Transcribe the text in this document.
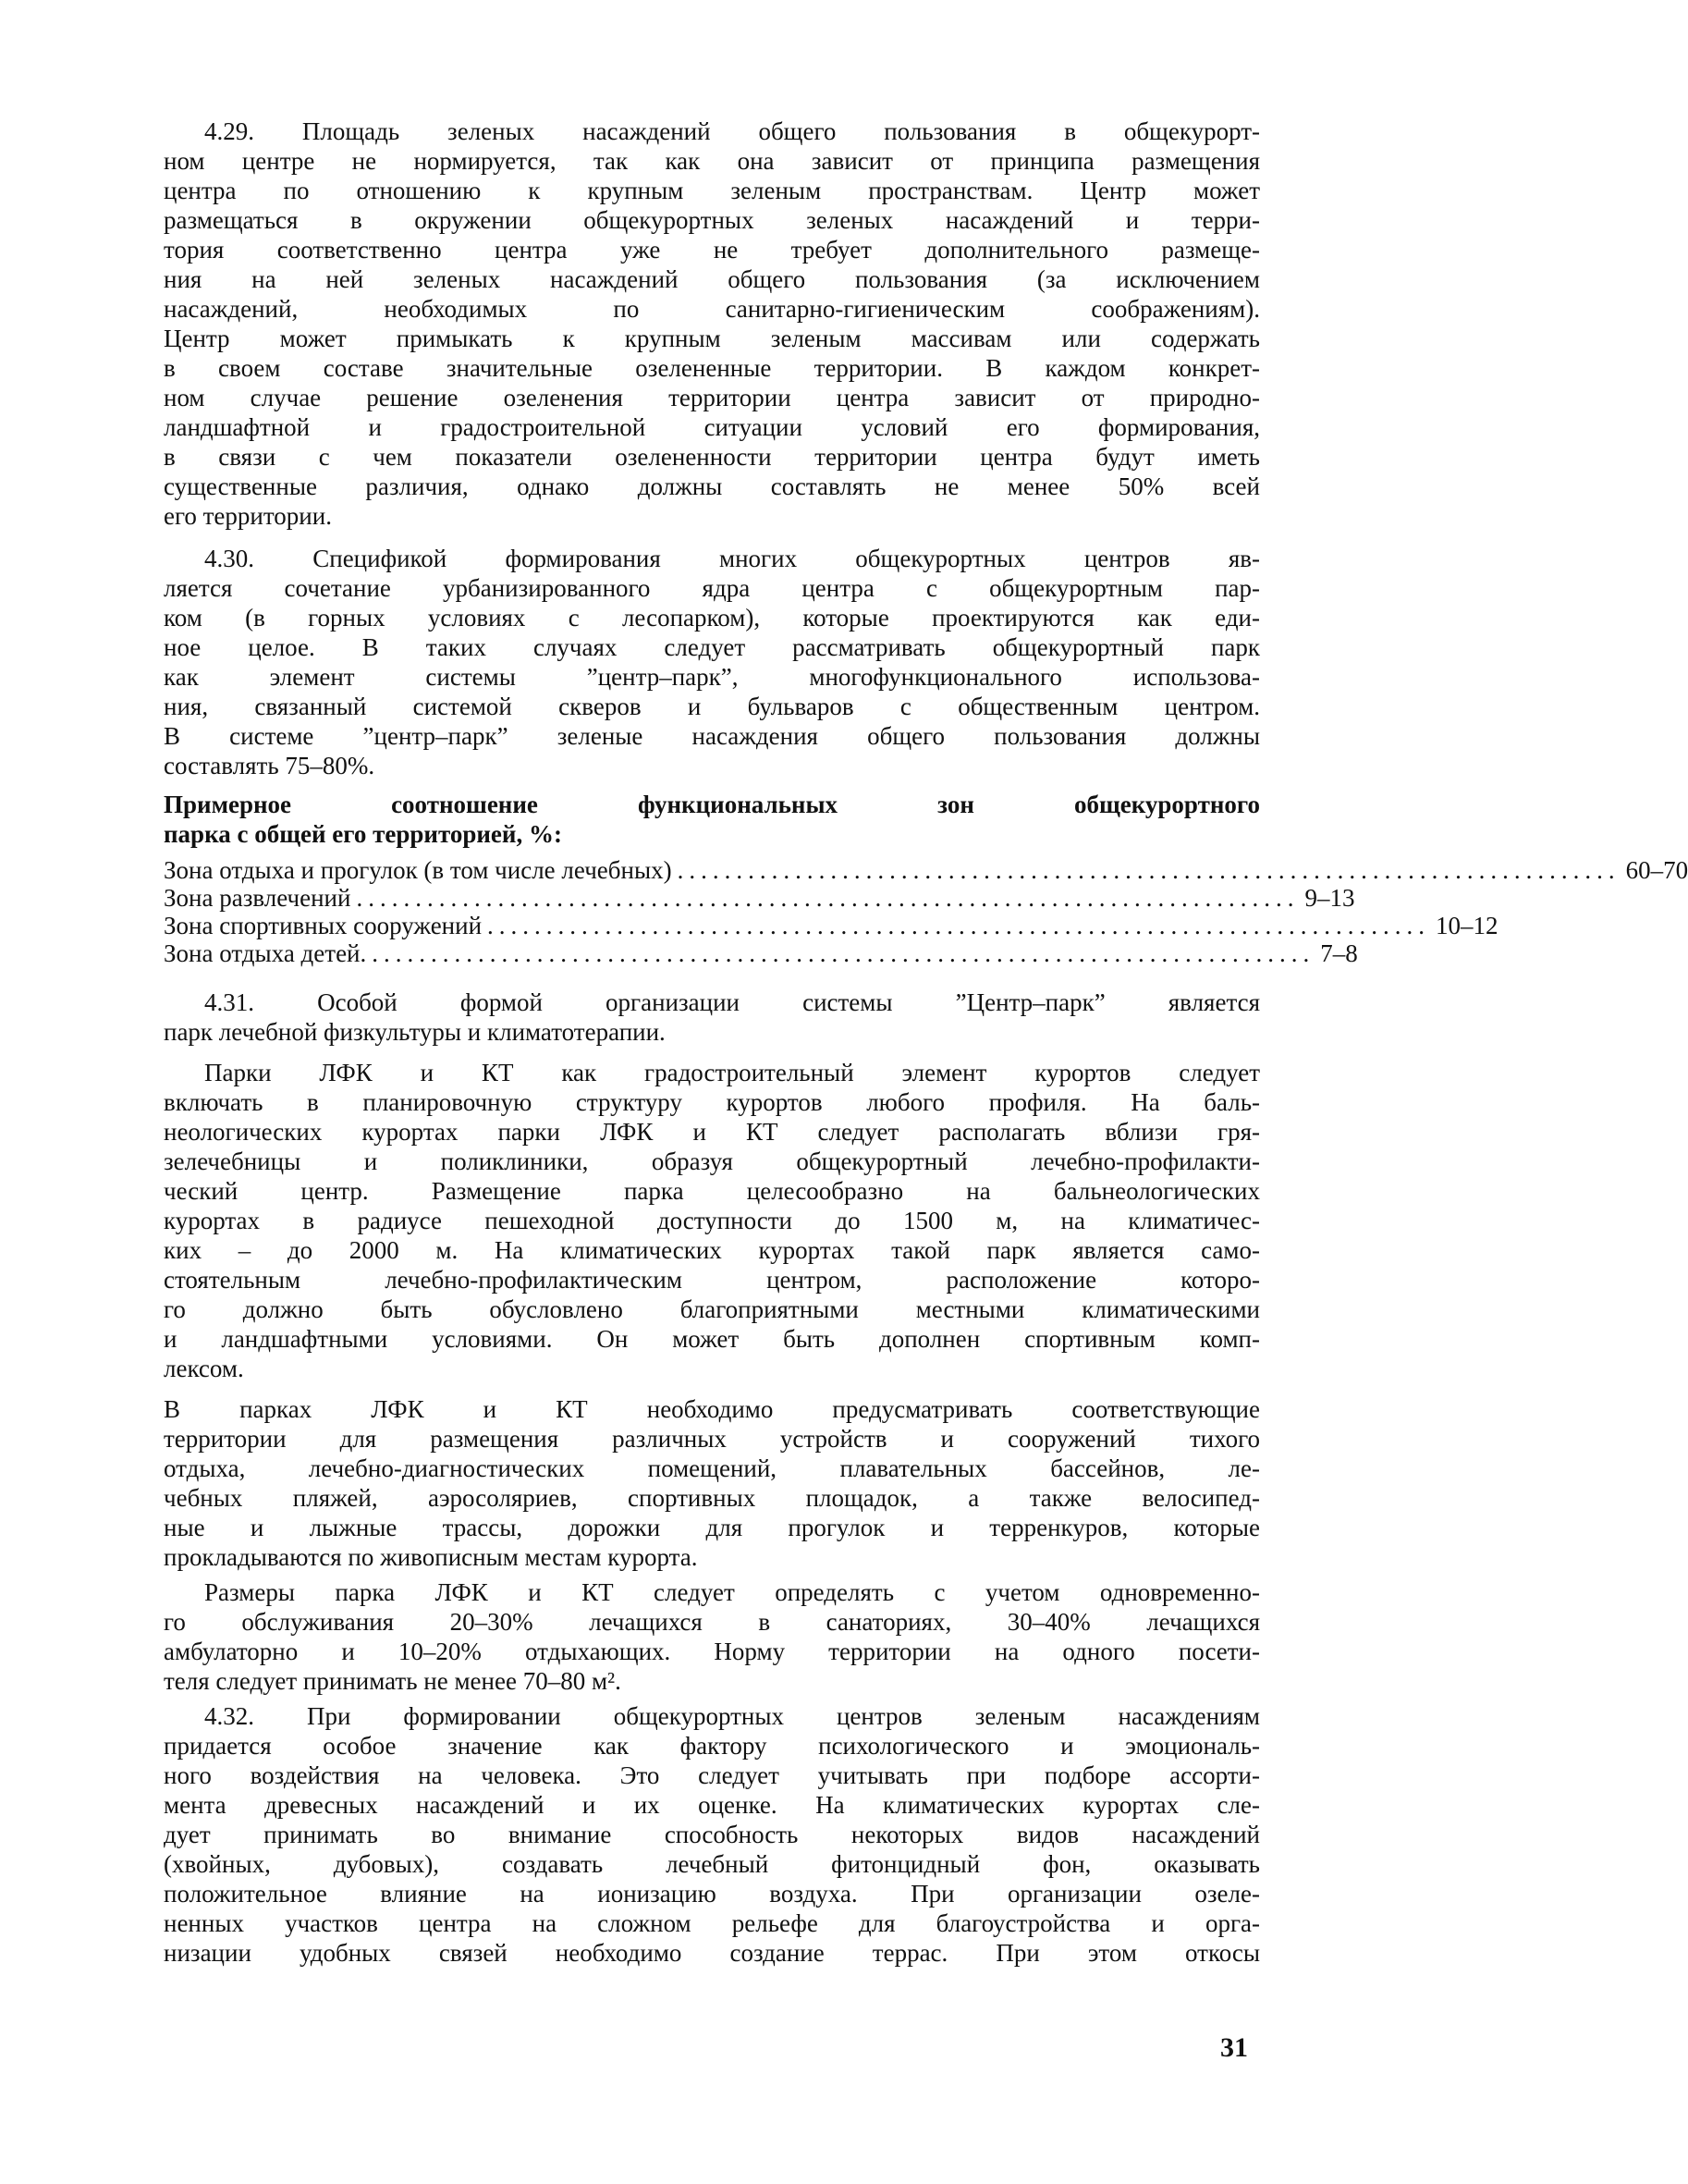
4.29. Площадь зеленых насаждений общего пользования в общекурорт-
ном центре не нормируется, так как она зависит от принципа размещения
центра по отношению к крупным зеленым пространствам. Центр может
размещаться в окружении общекурортных зеленых насаждений и терри-
тория соответственно центра уже не требует дополнительного размеще-
ния на ней зеленых насаждений общего пользования (за исключением
насаждений, необходимых по санитарно-гигиеническим соображениям).
Центр может примыкать к крупным зеленым массивам или содержать
в своем составе значительные озелененные территории. В каждом конкрет-
ном случае решение озеленения территории центра зависит от природно-
ландшафтной и градостроительной ситуации условий его формирования,
в связи с чем показатели озелененности территории центра будут иметь
существенные различия, однако должны составлять не менее 50% всей
его территории.
4.30. Спецификой формирования многих общекурортных центров яв-
ляется сочетание урбанизированного ядра центра с общекурортным пар-
ком (в горных условиях с лесопарком), которые проектируются как еди-
ное целое. В таких случаях следует рассматривать общекурортный парк
как элемент системы ”центр–парк”, многофункционального использова-
ния, связанный системой скверов и бульваров с общественным центром.
В системе ”центр–парк” зеленые насаждения общего пользования должны
составлять 75–80%.
Примерное соотношение функциональных зон общекурортного
парка с общей его территорией, %:
Зона отдыха и прогулок (в том числе лечебных) ................................................................................ 60–70
Зона развлечений ................................................................................ 9–13
Зона спортивных сооружений ................................................................................ 10–12
Зона отдыха детей. ................................................................................ 7–8
4.31. Особой формой организации системы ”Центр–парк” является
парк лечебной физкультуры и климатотерапии.
Парки ЛФК и КТ как градостроительный элемент курортов следует
включать в планировочную структуру курортов любого профиля. На баль-
неологических курортах парки ЛФК и КТ следует располагать вблизи гря-
зелечебницы и поликлиники, образуя общекурортный лечебно-профилакти-
ческий центр. Размещение парка целесообразно на бальнеологических
курортах в радиусе пешеходной доступности до 1500 м, на климатичес-
ких – до 2000 м. На климатических курортах такой парк является само-
стоятельным лечебно-профилактическим центром, расположение которо-
го должно быть обусловлено благоприятными местными климатическими
и ландшафтными условиями. Он может быть дополнен спортивным комп-
лексом.
В парках ЛФК и КТ необходимо предусматривать соответствующие
территории для размещения различных устройств и сооружений тихого
отдыха, лечебно-диагностических помещений, плавательных бассейнов, ле-
чебных пляжей, аэросоляриев, спортивных площадок, а также велосипед-
ные и лыжные трассы, дорожки для прогулок и терренкуров, которые
прокладываются по живописным местам курорта.
Размеры парка ЛФК и КТ следует определять с учетом одновременно-
го обслуживания 20–30% лечащихся в санаториях, 30–40% лечащихся
амбулаторно и 10–20% отдыхающих. Норму территории на одного посети-
теля следует принимать не менее 70–80 м².
4.32. При формировании общекурортных центров зеленым насаждениям
придается особое значение как фактору психологического и эмоциональ-
ного воздействия на человека. Это следует учитывать при подборе ассорти-
мента древесных насаждений и их оценке. На климатических курортах сле-
дует принимать во внимание способность некоторых видов насаждений
(хвойных, дубовых), создавать лечебный фитонцидный фон, оказывать
положительное влияние на ионизацию воздуха. При организации озеле-
ненных участков центра на сложном рельефе для благоустройства и орга-
низации удобных связей необходимо создание террас. При этом откосы
31
